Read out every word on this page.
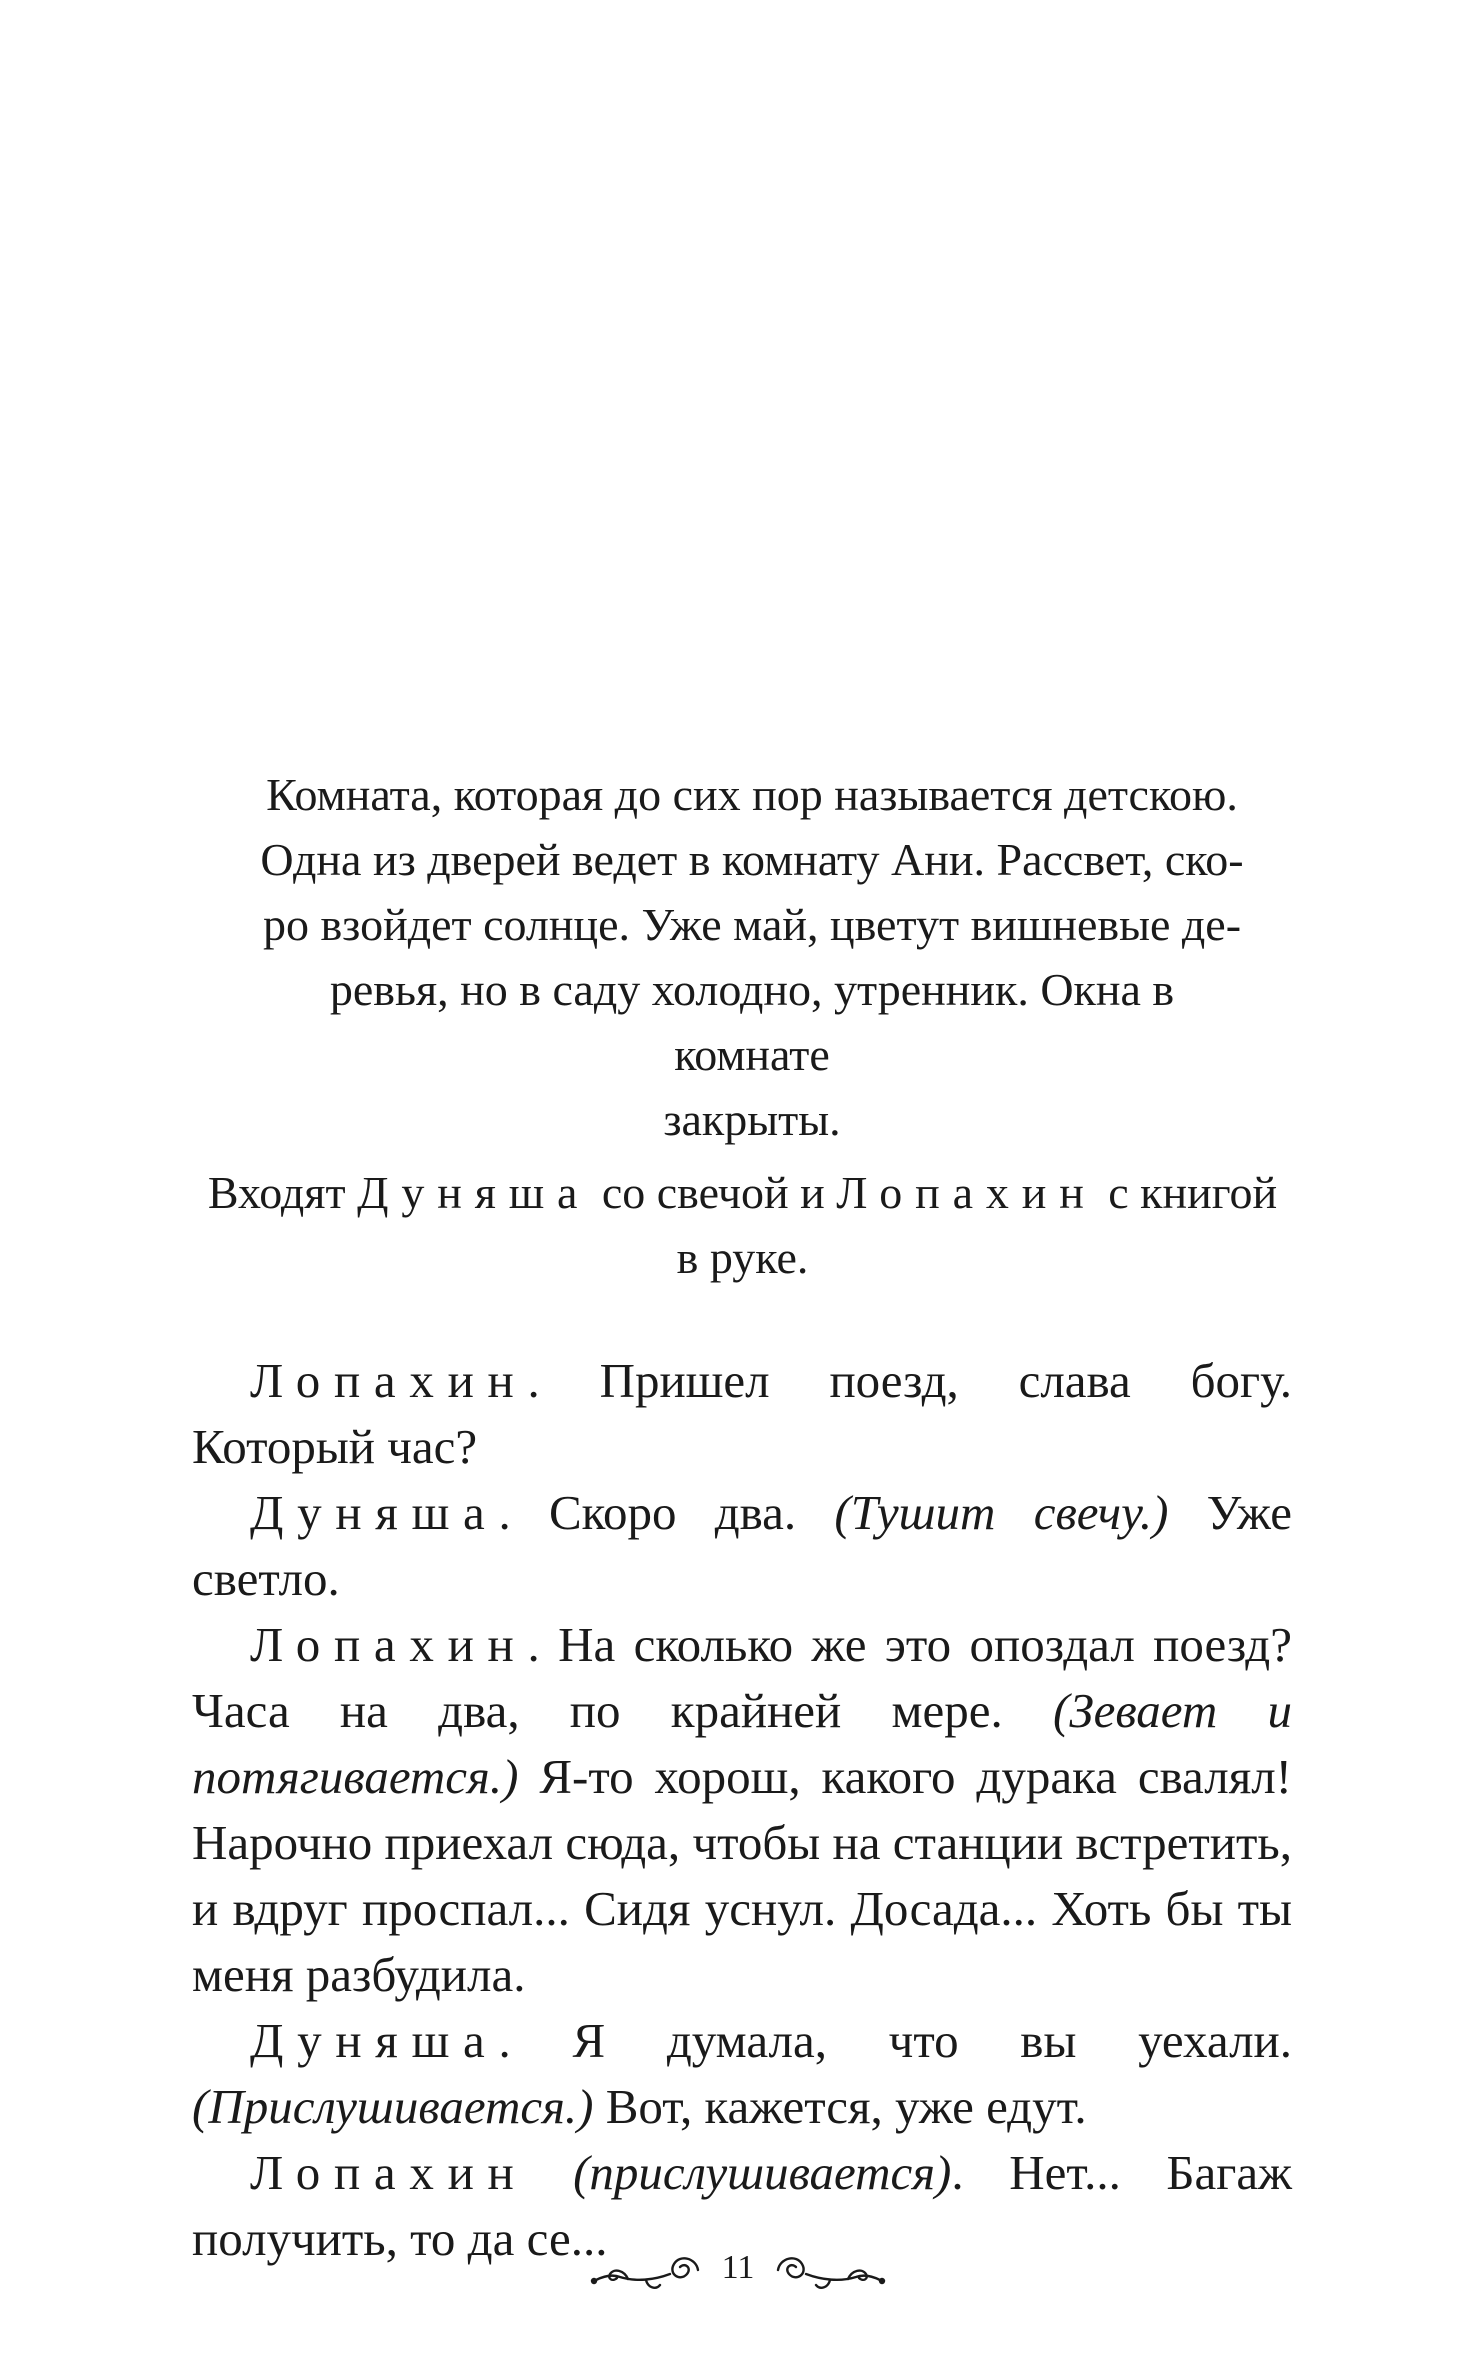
Комната, которая до сих пор называется детскою.

Одна из дверей ведет в комнату Ани. Рассвет, ско-

ро взойдет солнце. Уже май, цветут вишневые де-

ревья, но в саду холодно, утренник. Окна в комнате

закрыты.

Входят Дуняша со свечой и Лопахин с книгой

в руке.

Лопахин. Пришел поезд, слава богу. Который час?

Дуняша. Скоро два. (Тушит свечу.) Уже светло.

Лопахин. На сколько же это опоздал поезд? Часа на два, по крайней мере. (Зевает и потягивается.) Я-то хорош, какого дурака свалял! Нарочно приехал сюда, чтобы на станции встретить, и вдруг проспал... Сидя уснул. Досада... Хоть бы ты меня разбудила.

Дуняша. Я думала, что вы уехали. (Прислушивается.) Вот, кажется, уже едут.

Лопахин (прислушивается). Нет... Багаж получить, то да се...

11
